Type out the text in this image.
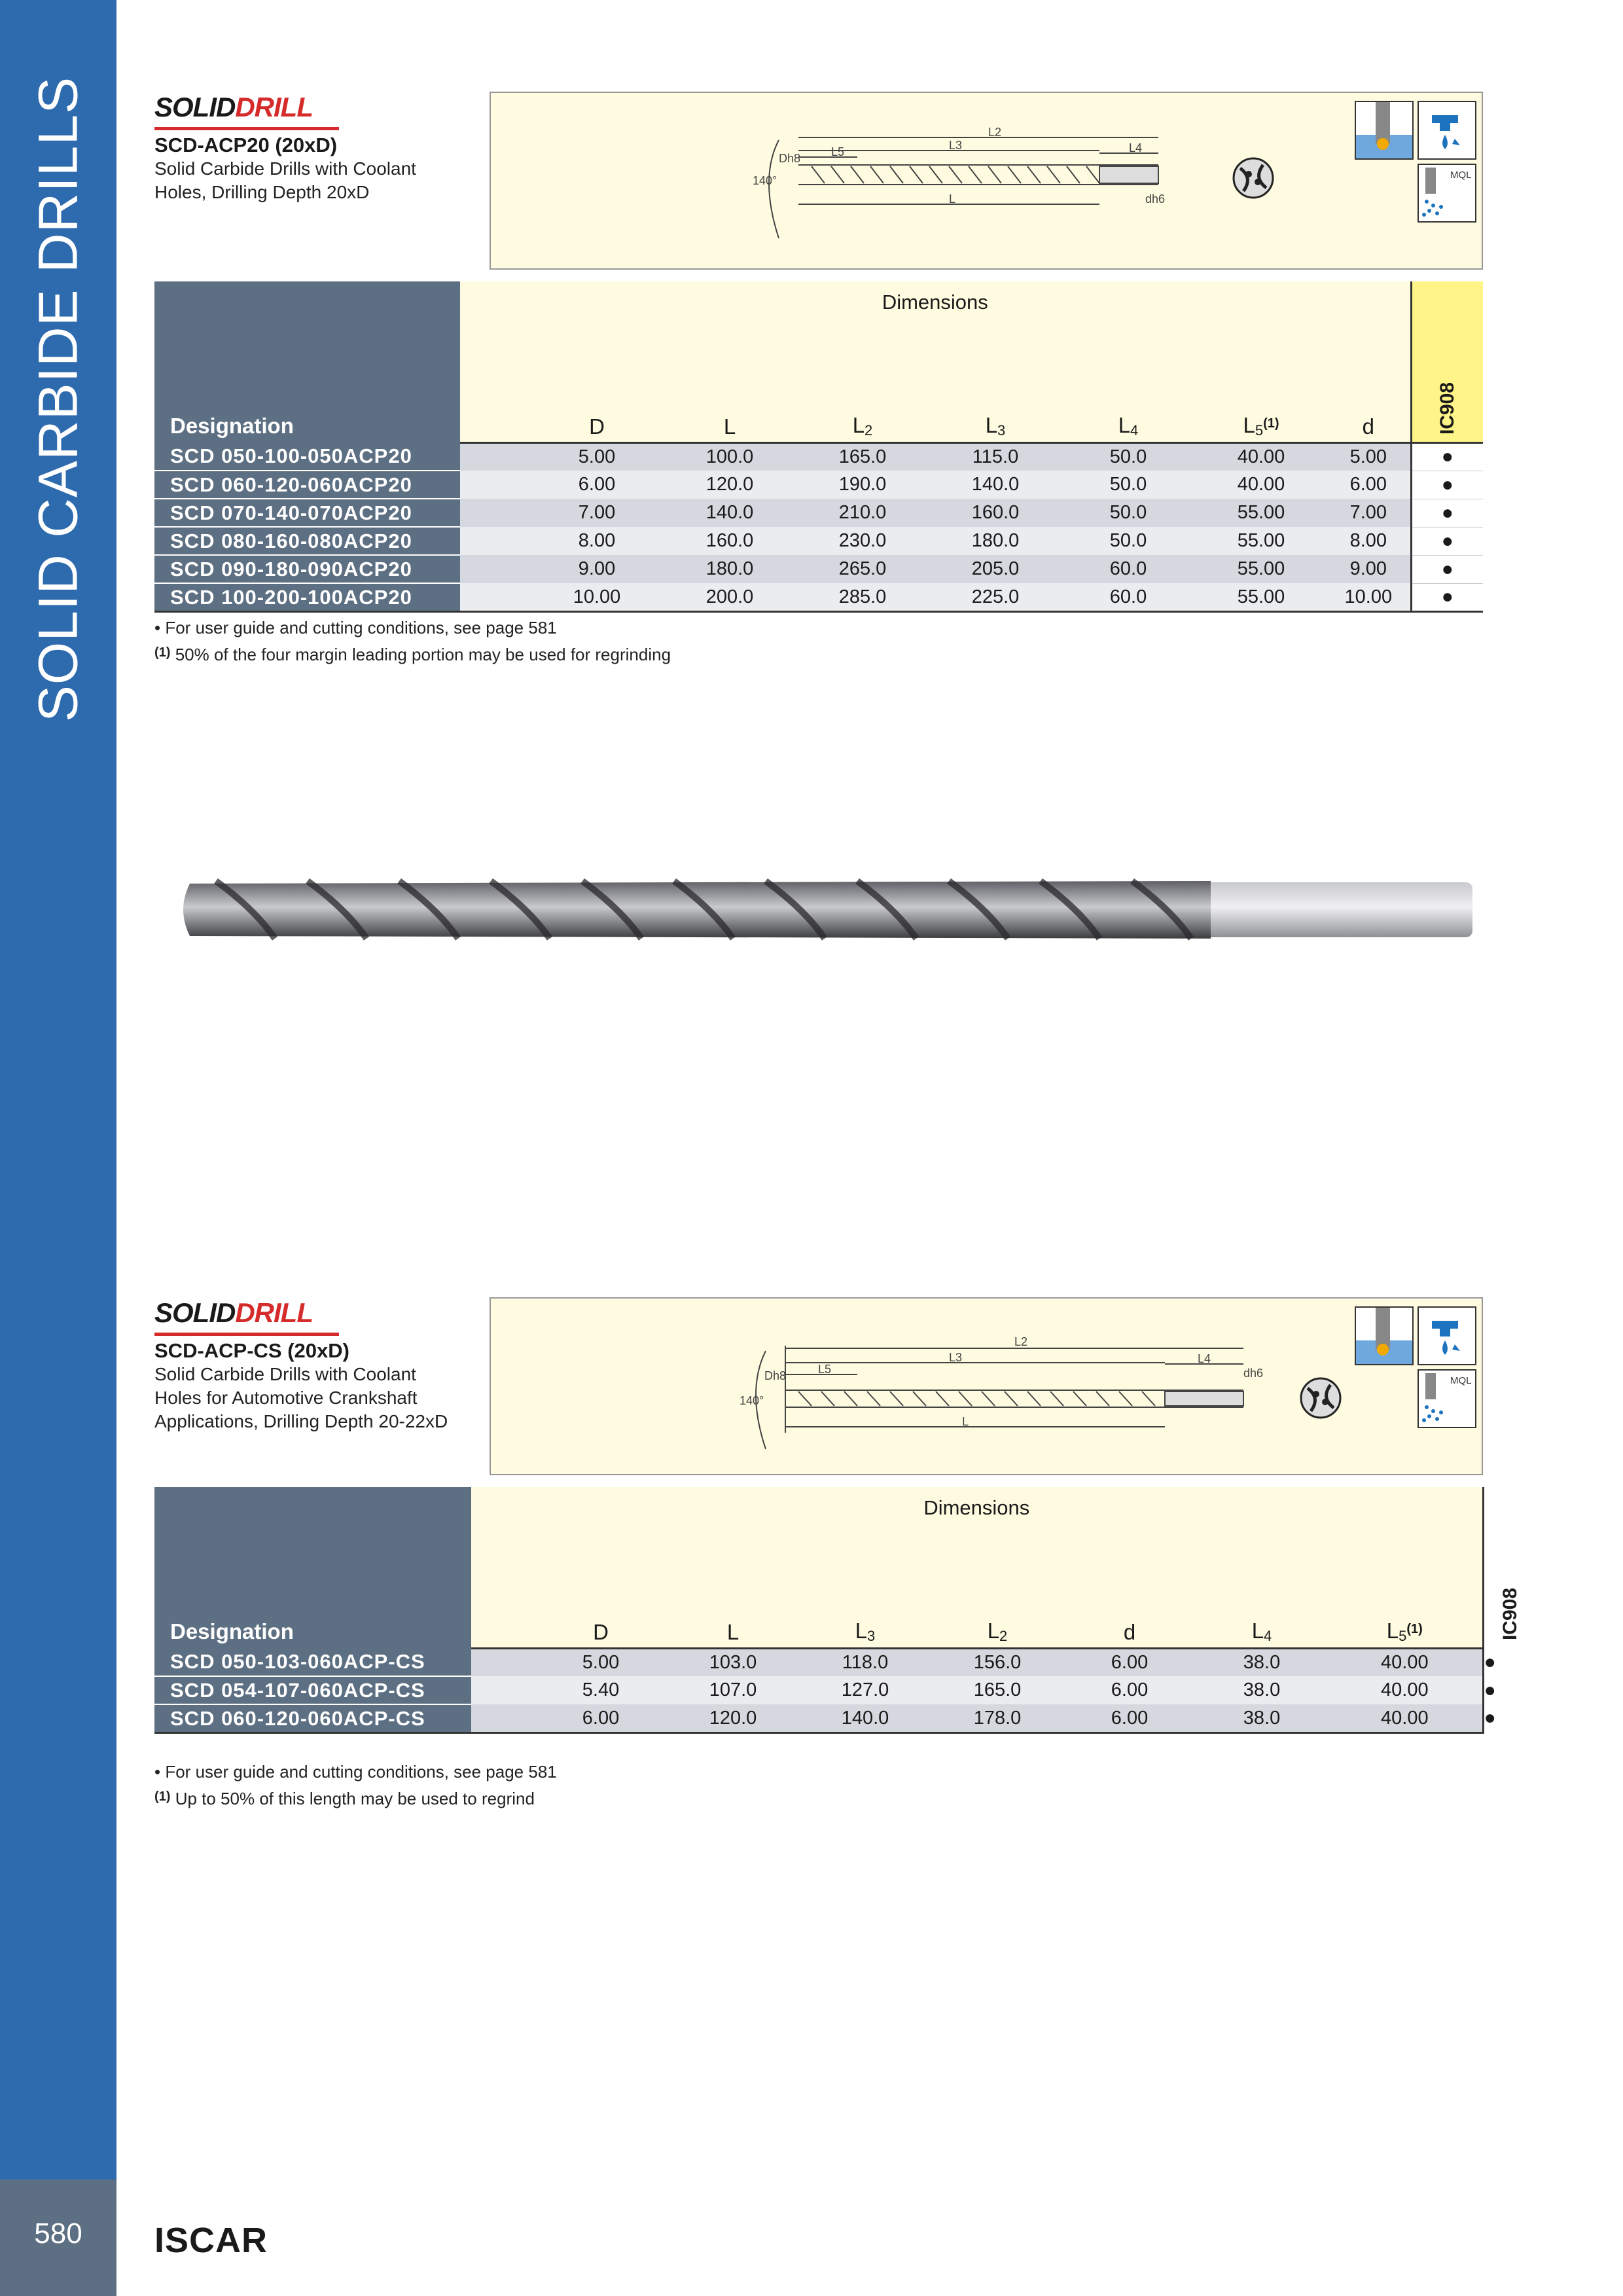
SOLID CARBIDE DRILLS
580	ISCAR
SOLIDDRILL
SCD-ACP20 (20xD)
Solid Carbide Drills with Coolant
Holes, Drilling Depth 20xD
L2
L3
L5	L4
Dh8
140°
L	dh6
MQL
Designation	Dimensions								IC908
		D	L	$L_2$	$L_3$	$L_4$	$L_5^{(1)}$	d	
SCD 050-100-050ACP20		5.00	100.0	165.0	115.0	50.0	40.00	5.00	●
SCD 060-120-060ACP20		6.00	120.0	190.0	140.0	50.0	40.00	6.00	●
SCD 070-140-070ACP20		7.00	140.0	210.0	160.0	50.0	55.00	7.00	●
SCD 080-160-080ACP20		8.00	160.0	230.0	180.0	50.0	55.00	8.00	●
SCD 090-180-090ACP20		9.00	180.0	265.0	205.0	60.0	55.00	9.00	●
SCD 100-200-100ACP20		10.00	200.0	285.0	225.0	60.0	55.00	10.00	●
• For user guide and cutting conditions, see page 581
$^{(1)}$ 50% of the four margin leading portion may be used for regrinding
SOLIDDRILL
SCD-ACP-CS (20xD)
Solid Carbide Drills with Coolant
Holes for Automotive Crankshaft
Applications, Drilling Depth 20-22xD
L2
L3
L5
L4
Dh8
140°
L
dh6
MQL
Designation	Dimensions								IC908
		D	L	$L_3$	$L_2$	d	$L_4$	$L_5^{(1)}$
SCD 050-103-060ACP-CS		5.00	103.0	118.0	156.0	6.00	38.0	40.00	●
SCD 054-107-060ACP-CS		5.40	107.0	127.0	165.0	6.00	38.0	40.00	●
SCD 060-120-060ACP-CS		6.00	120.0	140.0	178.0	6.00	38.0	40.00	●
• For user guide and cutting conditions, see page 581
$^{(1)}$ Up to 50% of this length may be used to regrind
